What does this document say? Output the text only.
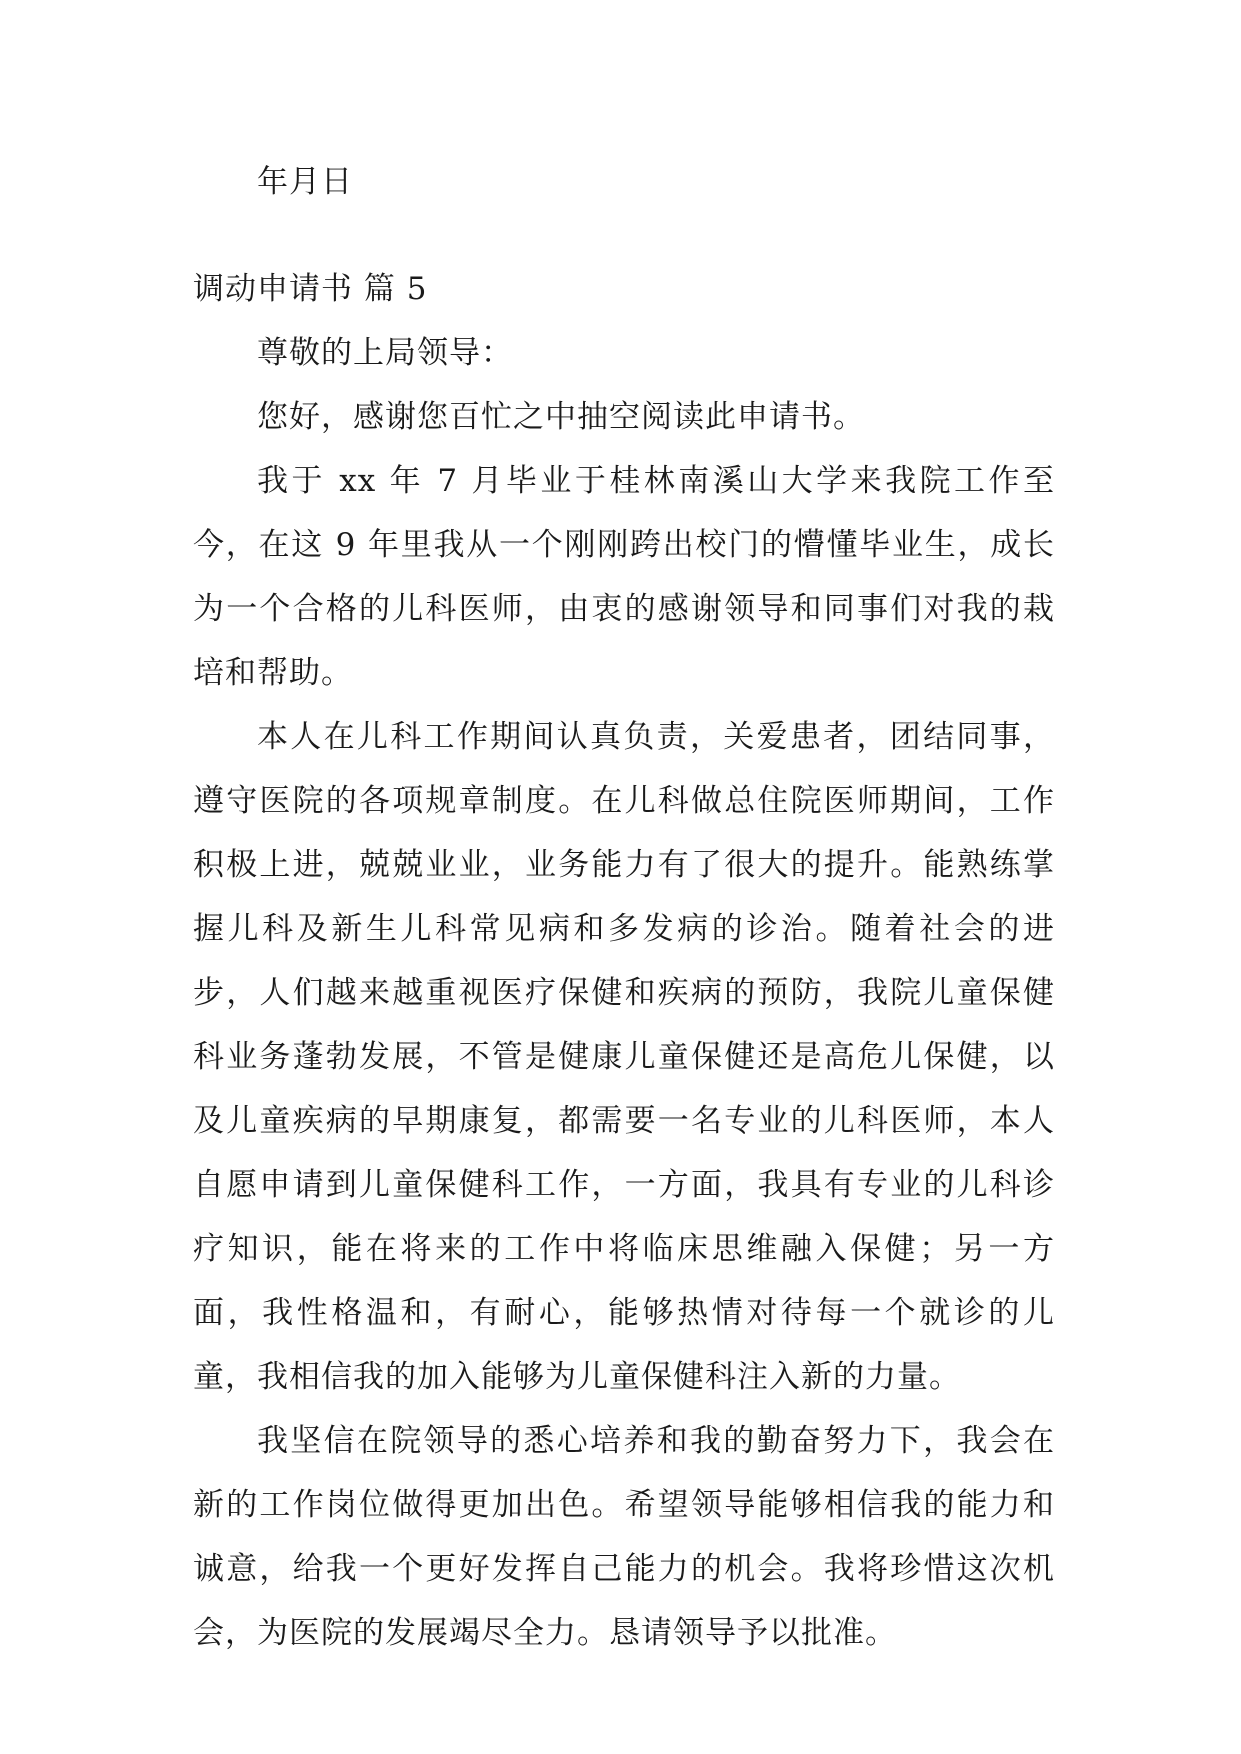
年月日

调动申请书 篇 5

尊敬的上局领导：

您好，感谢您百忙之中抽空阅读此申请书。

我于 xx 年 7 月毕业于桂林南溪山大学来我院工作至今，在这 9 年里我从一个刚刚跨出校门的懵懂毕业生，成长为一个合格的儿科医师，由衷的感谢领导和同事们对我的栽培和帮助。

本人在儿科工作期间认真负责，关爱患者，团结同事，遵守医院的各项规章制度。在儿科做总住院医师期间，工作积极上进，兢兢业业，业务能力有了很大的提升。能熟练掌握儿科及新生儿科常见病和多发病的诊治。随着社会的进步，人们越来越重视医疗保健和疾病的预防，我院儿童保健科业务蓬勃发展，不管是健康儿童保健还是高危儿保健，以及儿童疾病的早期康复，都需要一名专业的儿科医师，本人自愿申请到儿童保健科工作，一方面，我具有专业的儿科诊疗知识，能在将来的工作中将临床思维融入保健；另一方面，我性格温和，有耐心，能够热情对待每一个就诊的儿童，我相信我的加入能够为儿童保健科注入新的力量。

我坚信在院领导的悉心培养和我的勤奋努力下，我会在新的工作岗位做得更加出色。希望领导能够相信我的能力和诚意，给我一个更好发挥自己能力的机会。我将珍惜这次机会，为医院的发展竭尽全力。恳请领导予以批准。
